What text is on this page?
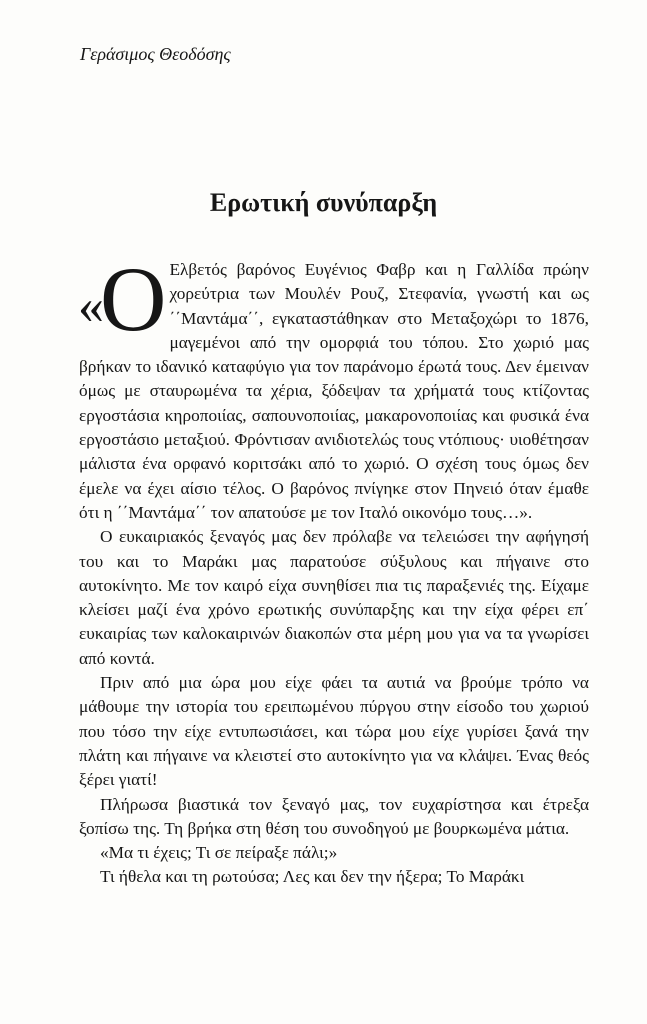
Γεράσιμος Θεοδόσης
Ερωτική συνύπαρξη

«Ο Ελβετός βαρόνος Ευγένιος Φαβρ και η Γαλλίδα πρώην χορεύτρια των Μουλέν Ρουζ, Στεφανία, γνωστή και ως ΄΄Μαντάμα΄΄, εγκαταστάθηκαν στο Μεταξοχώρι το 1876, μαγεμένοι από την ομορφιά του τόπου. Στο χωριό μας βρήκαν το ιδανικό καταφύγιο για τον παράνομο έρωτά τους. Δεν έμειναν όμως με σταυρωμένα τα χέρια, ξόδεψαν τα χρήματά τους κτίζοντας εργοστάσια κηροποιίας, σαπουνοποιίας, μακαρονοποιίας και φυσικά ένα εργοστάσιο μεταξιού. Φρόντισαν ανιδιοτελώς τους ντόπιους· υιοθέτησαν μάλιστα ένα ορφανό κοριτσάκι από το χωριό. Ο σχέση τους όμως δεν έμελε να έχει αίσιο τέλος. Ο βαρόνος πνίγηκε στον Πηνειό όταν έμαθε ότι η ΄΄Μαντάμα΄΄ τον απατούσε με τον Ιταλό οικονόμο τους…».

Ο ευκαιριακός ξεναγός μας δεν πρόλαβε να τελειώσει την αφήγησή του και το Μαράκι μας παρατούσε σύξυλους και πήγαινε στο αυτοκίνητο. Με τον καιρό είχα συνηθίσει πια τις παραξενιές της. Είχαμε κλείσει μαζί ένα χρόνο ερωτικής συνύπαρξης και την είχα φέρει επ΄ ευκαιρίας των καλοκαιρινών διακοπών στα μέρη μου για να τα γνωρίσει από κοντά.

Πριν από μια ώρα μου είχε φάει τα αυτιά να βρούμε τρόπο να μάθουμε την ιστορία του ερειπωμένου πύργου στην είσοδο του χωριού που τόσο την είχε εντυπωσιάσει, και τώρα μου είχε γυρίσει ξανά την πλάτη και πήγαινε να κλειστεί στο αυτοκίνητο για να κλάψει. Ένας θεός ξέρει γιατί!

Πλήρωσα βιαστικά τον ξεναγό μας, τον ευχαρίστησα και έτρεξα ξοπίσω της. Τη βρήκα στη θέση του συνοδηγού με βουρκωμένα μάτια.

«Μα τι έχεις; Τι σε πείραξε πάλι;»

Τι ήθελα και τη ρωτούσα; Λες και δεν την ήξερα; Το Μαράκι
